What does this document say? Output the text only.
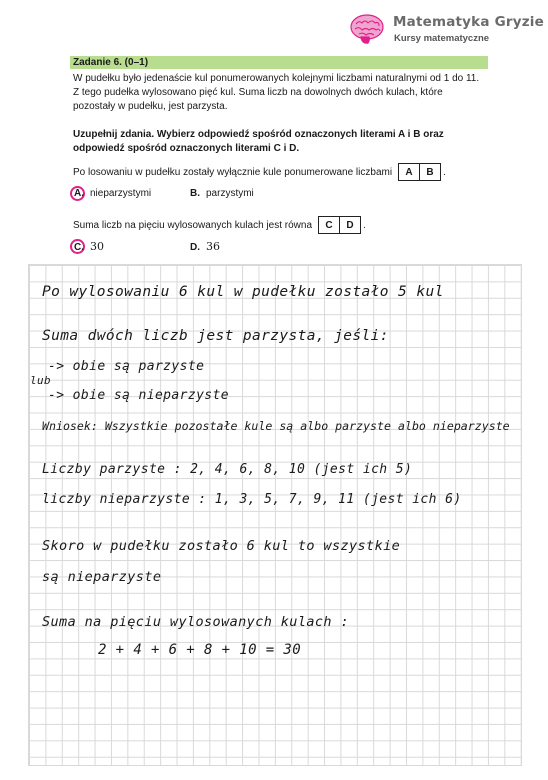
Matematyka Gryzie
Kursy matematyczne
Zadanie 6. (0–1)
W pudełku było jedenaście kul ponumerowanych kolejnymi liczbami naturalnymi od 1 do 11.
Z tego pudełka wylosowano pięć kul. Suma liczb na dowolnych dwóch kulach, które
pozostały w pudełku, jest parzysta.
Uzupełnij zdania. Wybierz odpowiedź spośród oznaczonych literami A i B oraz
odpowiedź spośród oznaczonych literami C i D.
Po losowaniu w pudełku zostały wyłącznie kule ponumerowane liczbami	A	B .
A. nieparzystymi	B. parzystymi
Suma liczb na pięciu wylosowanych kulach jest równa	C	D .
C. 30	D. 36
Po wylosowaniu 6 kul w pudełku zostało 5 kul
Suma dwóch liczb jest parzysta, jeśli:
-> obie są parzyste
lub
-> obie są nieparzyste
Wniosek: Wszystkie pozostałe kule są albo parzyste albo nieparzyste
Liczby parzyste : 2, 4, 6, 8, 10 (jest ich 5)
liczby nieparzyste : 1, 3, 5, 7, 9, 11 (jest ich 6)
Skoro w pudełku zostało 6 kul to wszystkie
są nieparzyste
Suma na pięciu wylosowanych kulach :
2 + 4 + 6 + 8 + 10 = 30
